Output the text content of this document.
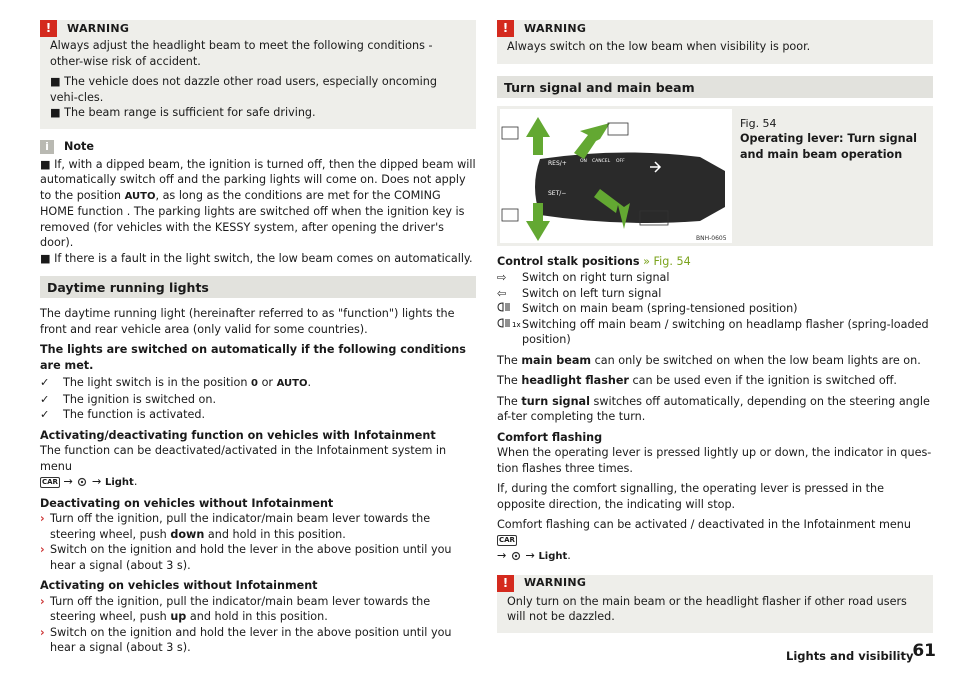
!	WARNING

Always adjust the headlight beam to meet the following conditions - other-wise risk of accident.

■ The vehicle does not dazzle other road users, especially oncoming vehi-cles.

■ The beam range is sufficient for safe driving.

i	Note

■ If, with a dipped beam, the ignition is turned off, then the dipped beam will automatically switch off and the parking lights will come on. Does not apply to the position AUTO, as long as the conditions are met for the COMING HOME function . The parking lights are switched off when the ignition key is removed (for vehicles with the KESSY system, after opening the driver's door).

■ If there is a fault in the light switch, the low beam comes on automatically.

Daytime running lights

The daytime running light (hereinafter referred to as "function") lights the front and rear vehicle area (only valid for some countries).

The lights are switched on automatically if the following conditions are met.

✓	The light switch is in the position 0 or AUTO.
✓	The ignition is switched on.
✓	The function is activated.

Activating/deactivating function on vehicles with Infotainment
The function can be deactivated/activated in the Infotainment system in menu
CAR → → Light.

Deactivating on vehicles without Infotainment

› Turn off the ignition, pull the indicator/main beam lever towards the steering wheel, push down and hold in this position.
› Switch on the ignition and hold the lever in the above position until you hear a signal (about 3 s).

Activating on vehicles without Infotainment

› Turn off the ignition, pull the indicator/main beam lever towards the steering wheel, push up and hold in this position.
› Switch on the ignition and hold the lever in the above position until you hear a signal (about 3 s).
!	WARNING

Always switch on the low beam when visibility is poor.

Turn signal and main beam
RES/+	ON CANCEL OFF
SET/−
BNH-0605
Fig. 54
Operating lever: Turn signal and main beam operation

Control stalk positions » Fig. 54

⇨	Switch on right turn signal
⇦	Switch on left turn signal
Switch on main beam (spring-tensioned position)
1x Switching off main beam / switching on headlamp flasher (spring-loaded position)

The main beam can only be switched on when the low beam lights are on.

The headlight flasher can be used even if the ignition is switched off.

The turn signal switches off automatically, depending on the steering angle af-ter completing the turn.

Comfort flashing
When the operating lever is pressed lightly up or down, the indicator in ques-tion flashes three times.

If, during the comfort signalling, the operating lever is pressed in the opposite direction, the indicating will stop.

Comfort flashing can be activated / deactivated in the Infotainment menu CAR
→ → Light.

!	WARNING

Only turn on the main beam or the headlight flasher if other road users will not be dazzled.

Lights and visibility
61
